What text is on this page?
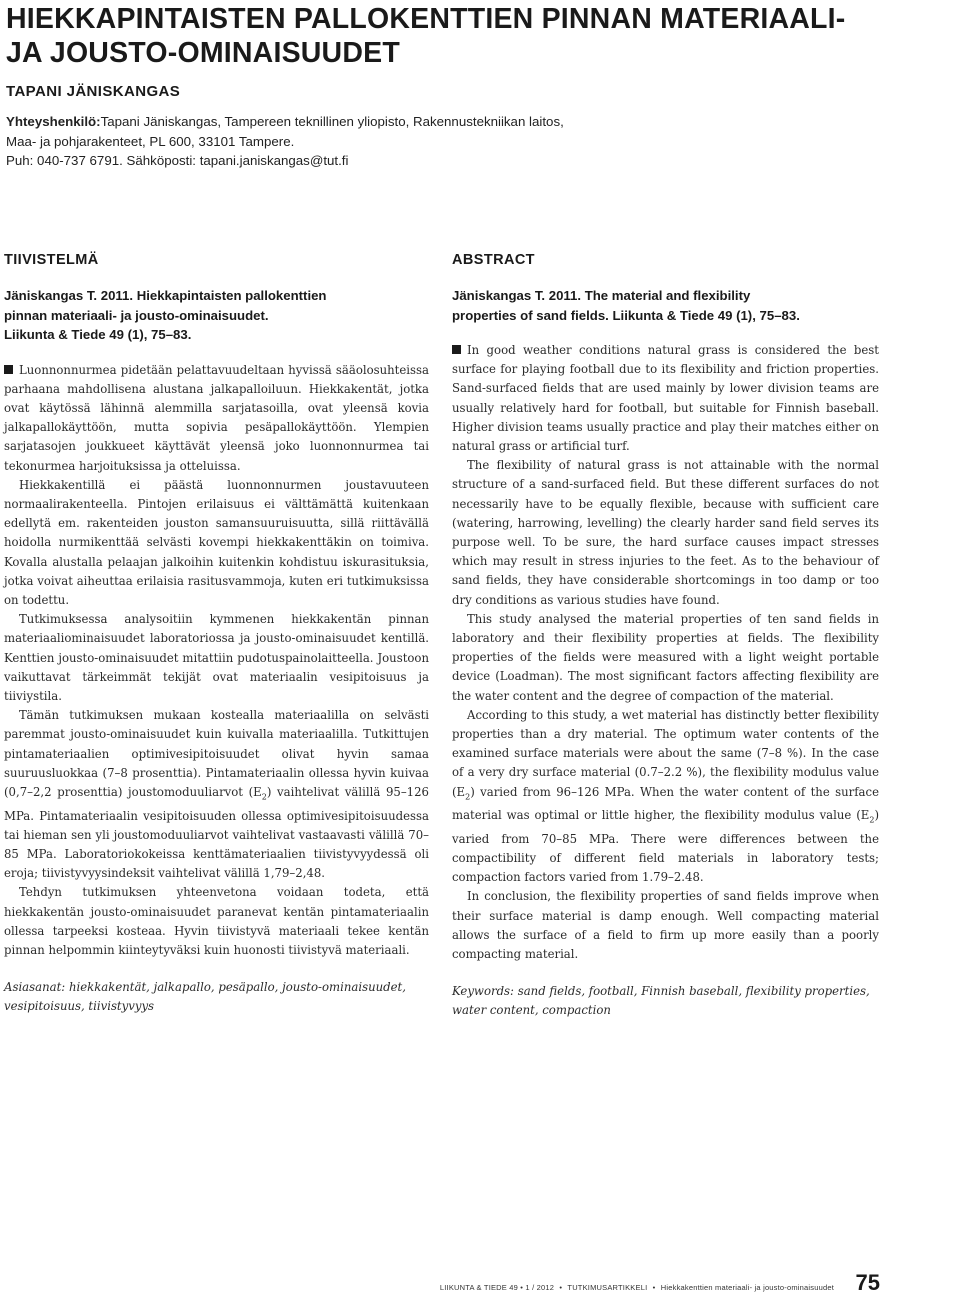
HIEKKAPINTAISTEN PALLOKENTTIEN PINNAN MATERIAALI-
JA JOUSTO-OMINAISUUDET
TAPANI JÄNISKANGAS
Yhteyshenkilö:Tapani Jäniskangas, Tampereen teknillinen yliopisto, Rakennustekniikan laitos,
Maa- ja pohjarakenteet, PL 600, 33101 Tampere.
Puh: 040-737 6791. Sähköposti: tapani.janiskangas@tut.fi
TIIVISTELMÄ
Jäniskangas T. 2011. Hiekkapintaisten pallokenttien
pinnan materiaali- ja jousto-ominaisuudet.
Liikunta & Tiede 49 (1), 75–83.

Luonnonnurmea pidetään pelattavuudeltaan hyvissä sääolosuhteissa parhaana mahdollisena alustana jalkapalloiluun. Hiekkakentät, jotka ovat käytössä lähinnä alemmilla sarjatasoilla, ovat yleensä kovia jalkapallokäyttöön, mutta sopivia pesäpallokäyttöön. Ylempien sarjatasojen joukkueet käyttävät yleensä joko luonnonnurmea tai tekonurmea harjoituksissa ja otteluissa.

Hiekkakentillä ei päästä luonnonnurmen joustavuuteen normaalirakenteella. Pintojen erilaisuus ei välttämättä kuitenkaan edellytä em. rakenteiden jouston samansuuruisuutta, sillä riittävällä hoidolla nurmikenttää selvästi kovempi hiekkakenttäkin on toimiva. Kovalla alustalla pelaajan jalkoihin kuitenkin kohdistuu iskurasituksia, jotka voivat aiheuttaa erilaisia rasitusvammoja, kuten eri tutkimuksissa on todettu.

Tutkimuksessa analysoitiin kymmenen hiekkakentän pinnan materiaaliominaisuudet laboratoriossa ja jousto-ominaisuudet kentillä. Kenttien jousto-ominaisuudet mitattiin pudotuspainolaitteella. Joustoon vaikuttavat tärkeimmät tekijät ovat materiaalin vesipitoisuus ja tiiviystila.

Tämän tutkimuksen mukaan kostealla materiaalilla on selvästi paremmat jousto-ominaisuudet kuin kuivalla materiaalilla. Tutkittujen pintamateriaalien optimivesipitoisuudet olivat hyvin samaa suuruusluokkaa (7–8 prosenttia). Pintamateriaalin ollessa hyvin kuivaa (0,7–2,2 prosenttia) joustomoduuliarvot $(E_2)$ vaihtelivat välillä 95–126 MPa. Pintamateriaalin vesipitoisuuden ollessa optimivesipitoisuudessa tai hieman sen yli joustomoduuliarvot vaihtelivat vastaavasti välillä 70–85 MPa. Laboratoriokokeissa kenttämateriaalien tiivistyvyydessä oli eroja; tiivistyvyysindeksit vaihtelivat välillä 1,79–2,48.

Tehdyn tutkimuksen yhteenvetona voidaan todeta, että hiekkakentän jousto-ominaisuudet paranevat kentän pintamateriaalin ollessa tarpeeksi kosteaa. Hyvin tiivistyvä materiaali tekee kentän pinnan helpommin kiinteytyväksi kuin huonosti tiivistyvä materiaali.

Asiasanat: hiekkakentät, jalkapallo, pesäpallo, jousto-ominaisuudet, vesipitoisuus, tiivistyvyys
ABSTRACT
Jäniskangas T. 2011. The material and flexibility
properties of sand fields. Liikunta & Tiede 49 (1), 75–83.

In good weather conditions natural grass is considered the best surface for playing football due to its flexibility and friction properties. Sand-surfaced fields that are used mainly by lower division teams are usually relatively hard for football, but suitable for Finnish baseball. Higher division teams usually practice and play their matches either on natural grass or artificial turf.

The flexibility of natural grass is not attainable with the normal structure of a sand-surfaced field. But these different surfaces do not necessarily have to be equally flexible, because with sufficient care (watering, harrowing, levelling) the clearly harder sand field serves its purpose well. To be sure, the hard surface causes impact stresses which may result in stress injuries to the feet. As to the behaviour of sand fields, they have considerable shortcomings in too damp or too dry conditions as various studies have found.

This study analysed the material properties of ten sand fields in laboratory and their flexibility properties at fields. The flexibility properties of the fields were measured with a light weight portable device (Loadman). The most significant factors affecting flexibility are the water content and the degree of compaction of the material.

According to this study, a wet material has distinctly better flexibility properties than a dry material. The optimum water contents of the examined surface materials were about the same (7–8 %). In the case of a very dry surface material (0.7–2.2 %), the flexibility modulus value $(E_2)$ varied from 96–126 MPa. When the water content of the surface material was optimal or little higher, the flexibility modulus value $(E_2)$ varied from 70–85 MPa. There were differences between the compactibility of different field materials in laboratory tests; compaction factors varied from 1.79–2.48.

In conclusion, the flexibility properties of sand fields improve when their surface material is damp enough. Well compacting material allows the surface of a field to firm up more easily than a poorly compacting material.

Keywords: sand fields, football, Finnish baseball, flexibility properties, water content, compaction
LIIKUNTA & TIEDE 49 • 1 / 2012 • TUTKIMUSARTIKKELI • Hiekkakenttien materiaali- ja jousto-ominaisuudet 75
